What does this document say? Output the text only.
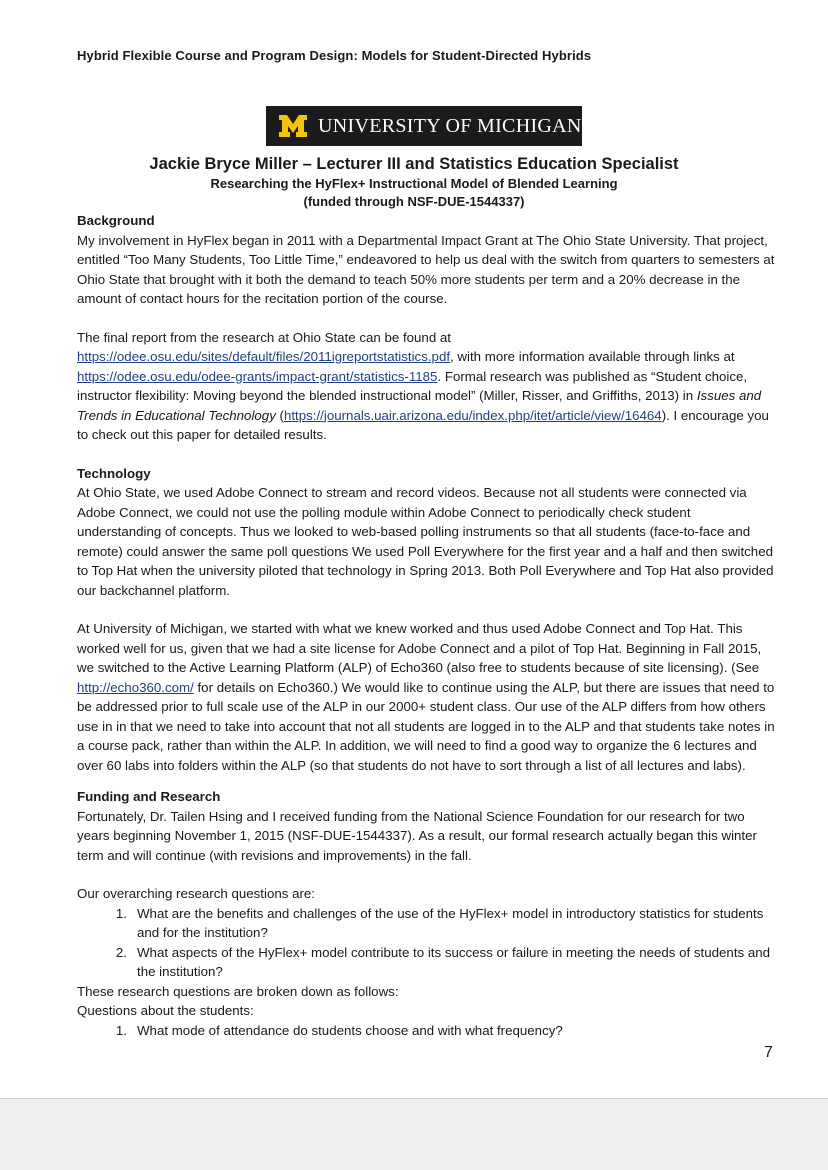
Hybrid Flexible Course and Program Design: Models for Student-Directed Hybrids
UNIVERSITY OF MICHIGAN
Jackie Bryce Miller – Lecturer III and Statistics Education Specialist
Researching the HyFlex+ Instructional Model of Blended Learning
(funded through NSF-DUE-1544337)
Background

My involvement in HyFlex began in 2011 with a Departmental Impact Grant at The Ohio State University. That project, entitled “Too Many Students, Too Little Time,” endeavored to help us deal with the switch from quarters to semesters at Ohio State that brought with it both the demand to teach 50% more students per term and a 20% decrease in the amount of contact hours for the recitation portion of the course.

The final report from the research at Ohio State can be found at https://odee.osu.edu/sites/default/files/2011igreportstatistics.pdf, with more information available through links at https://odee.osu.edu/odee-grants/impact-grant/statistics-1185. Formal research was published as “Student choice, instructor flexibility: Moving beyond the blended instructional model” (Miller, Risser, and Griffiths, 2013) in Issues and Trends in Educational Technology (https://journals.uair.arizona.edu/index.php/itet/article/view/16464). I encourage you to check out this paper for detailed results.

Technology

At Ohio State, we used Adobe Connect to stream and record videos. Because not all students were connected via Adobe Connect, we could not use the polling module within Adobe Connect to periodically check student understanding of concepts. Thus we looked to web-based polling instruments so that all students (face-to-face and remote) could answer the same poll questions We used Poll Everywhere for the first year and a half and then switched to Top Hat when the university piloted that technology in Spring 2013. Both Poll Everywhere and Top Hat also provided our backchannel platform.

At University of Michigan, we started with what we knew worked and thus used Adobe Connect and Top Hat. This worked well for us, given that we had a site license for Adobe Connect and a pilot of Top Hat. Beginning in Fall 2015, we switched to the Active Learning Platform (ALP) of Echo360 (also free to students because of site licensing). (See http://echo360.com/ for details on Echo360.) We would like to continue using the ALP, but there are issues that need to be addressed prior to full scale use of the ALP in our 2000+ student class. Our use of the ALP differs from how others use in in that we need to take into account that not all students are logged in to the ALP and that students take notes in a course pack, rather than within the ALP. In addition, we will need to find a good way to organize the 6 lectures and over 60 labs into folders within the ALP (so that students do not have to sort through a list of all lectures and labs).

Funding and Research

Fortunately, Dr. Tailen Hsing and I received funding from the National Science Foundation for our research for two years beginning November 1, 2015 (NSF-DUE-1544337). As a result, our formal research actually began this winter term and will continue (with revisions and improvements) in the fall.

Our overarching research questions are:

1. What are the benefits and challenges of the use of the HyFlex+ model in introductory statistics for students and for the institution?
2. What aspects of the HyFlex+ model contribute to its success or failure in meeting the needs of students and the institution?

These research questions are broken down as follows:

Questions about the students:

1. What mode of attendance do students choose and with what frequency?
7
